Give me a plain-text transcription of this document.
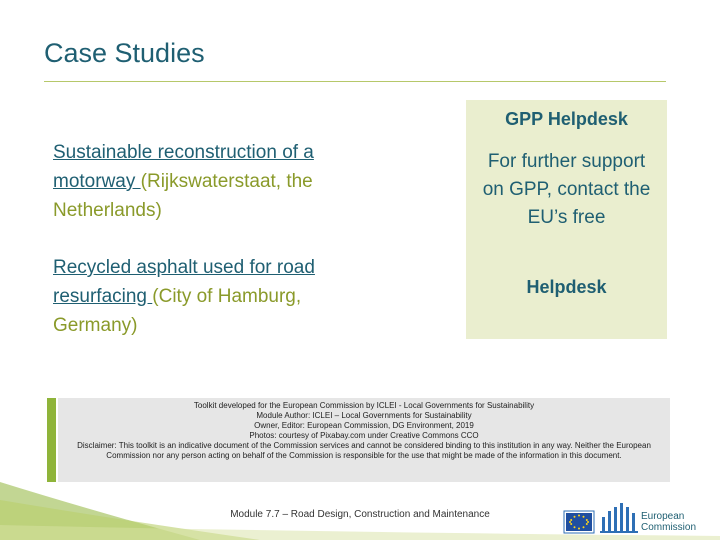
Case Studies
Sustainable reconstruction of a motorway (Rijkswaterstaat, the Netherlands)
Recycled asphalt used for road resurfacing (City of Hamburg, Germany)
GPP Helpdesk
For further support on GPP, contact the EU’s free
Helpdesk
Toolkit developed for the European Commission by ICLEI - Local Governments for Sustainability
Module Author: ICLEI – Local Governments for Sustainability
Owner, Editor: European Commission, DG Environment, 2019
Photos: courtesy of Pixabay.com under Creative Commons CCO
Disclaimer: This toolkit is an indicative document of the Commission services and cannot be considered binding to this institution in any way. Neither the European Commission nor any person acting on behalf of the Commission is responsible for the use that might be made of the information in this document.
Module 7.7 – Road Design, Construction and Maintenance	European
Commission
